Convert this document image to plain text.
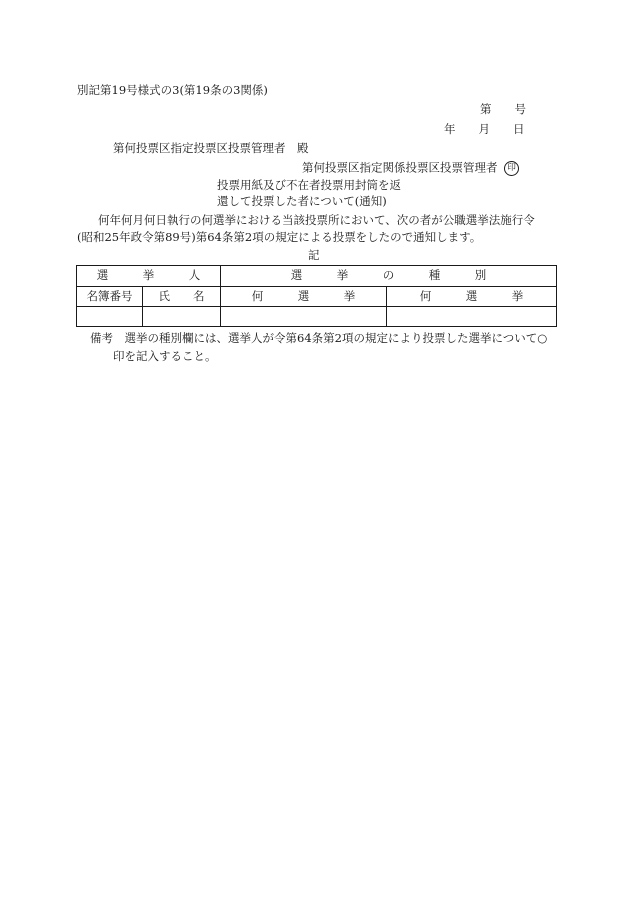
別記第19号様式の3(第19条の3関係)
第　　号
年　　月　　日
第何投票区指定投票区投票管理者　殿
第何投票区指定関係投票区投票管理者 印
投票用紙及び不在者投票用封筒を返
還して投票した者について(通知)
何年何月何日執行の何選挙における当該投票所において、次の者が公職選挙法施行令
(昭和25年政令第89号)第64条第2項の規定による投票をしたので通知します。
記
選　　　挙　　　人		選　　　挙　　　の　　　種　　　別	
名簿番号	氏　　名	何　　　選　　　挙	何　　　選　　　挙

備考　選挙の種別欄には、選挙人が令第64条第2項の規定により投票した選挙について○
印を記入すること。
